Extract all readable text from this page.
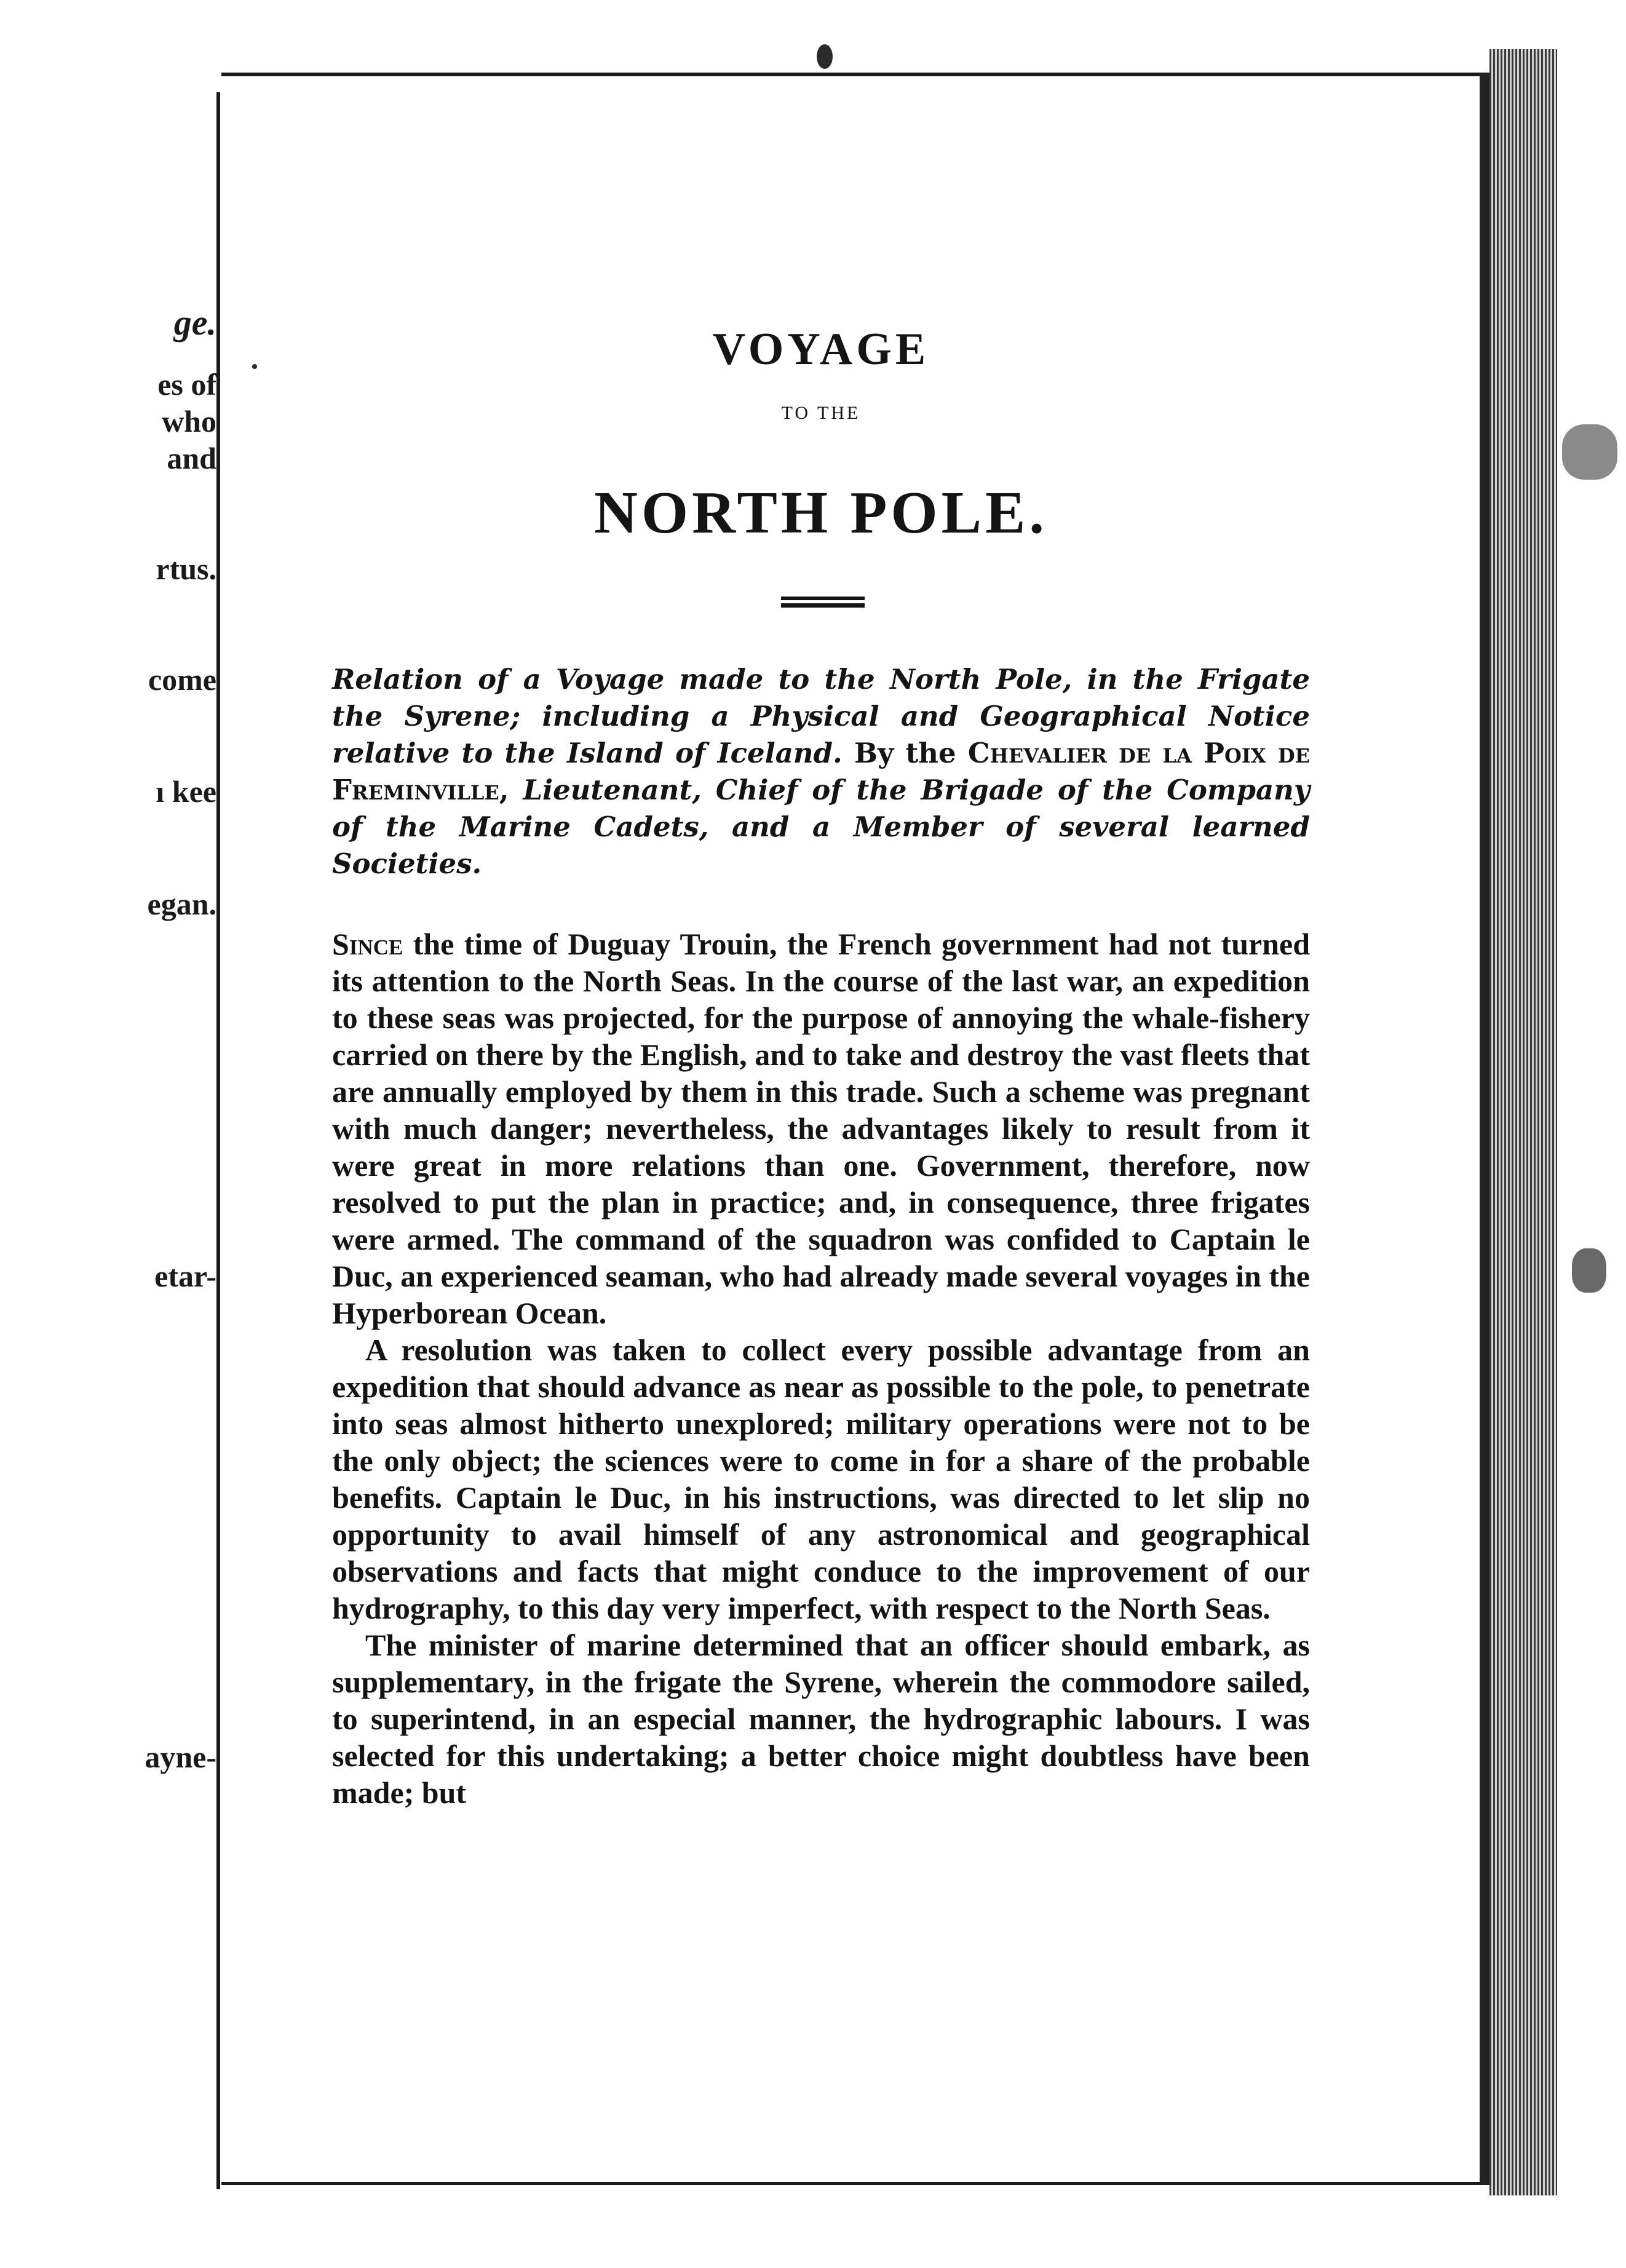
ge.
es of
who
and
rtus.
come
ı kee
egan.
etar-
ayne-
VOYAGE
TO THE
NORTH POLE.

Relation of a Voyage made to the North Pole, in the Frigate the Syrene; including a Physical and Geographical Notice relative to the Island of Iceland. By the Chevalier de la Poix de Freminville, Lieutenant, Chief of the Brigade of the Company of the Marine Cadets, and a Member of several learned Societies.

Since the time of Duguay Trouin, the French government had not turned its attention to the North Seas. In the course of the last war, an expedition to these seas was projected, for the purpose of annoying the whale-fishery carried on there by the English, and to take and destroy the vast fleets that are annually employed by them in this trade. Such a scheme was pregnant with much danger; nevertheless, the advantages likely to result from it were great in more relations than one. Government, therefore, now resolved to put the plan in practice; and, in consequence, three frigates were armed. The command of the squadron was confided to Captain le Duc, an experienced seaman, who had already made several voyages in the Hyperborean Ocean.

A resolution was taken to collect every possible advantage from an expedition that should advance as near as possible to the pole, to penetrate into seas almost hitherto unexplored; military operations were not to be the only object; the sciences were to come in for a share of the probable benefits. Captain le Duc, in his instructions, was directed to let slip no opportunity to avail himself of any astronomical and geographical observations and facts that might conduce to the improvement of our hydrography, to this day very imperfect, with respect to the North Seas.

The minister of marine determined that an officer should embark, as supplementary, in the frigate the Syrene, wherein the commodore sailed, to superintend, in an especial manner, the hydrographic labours. I was selected for this undertaking; a better choice might doubtless have been made; but
